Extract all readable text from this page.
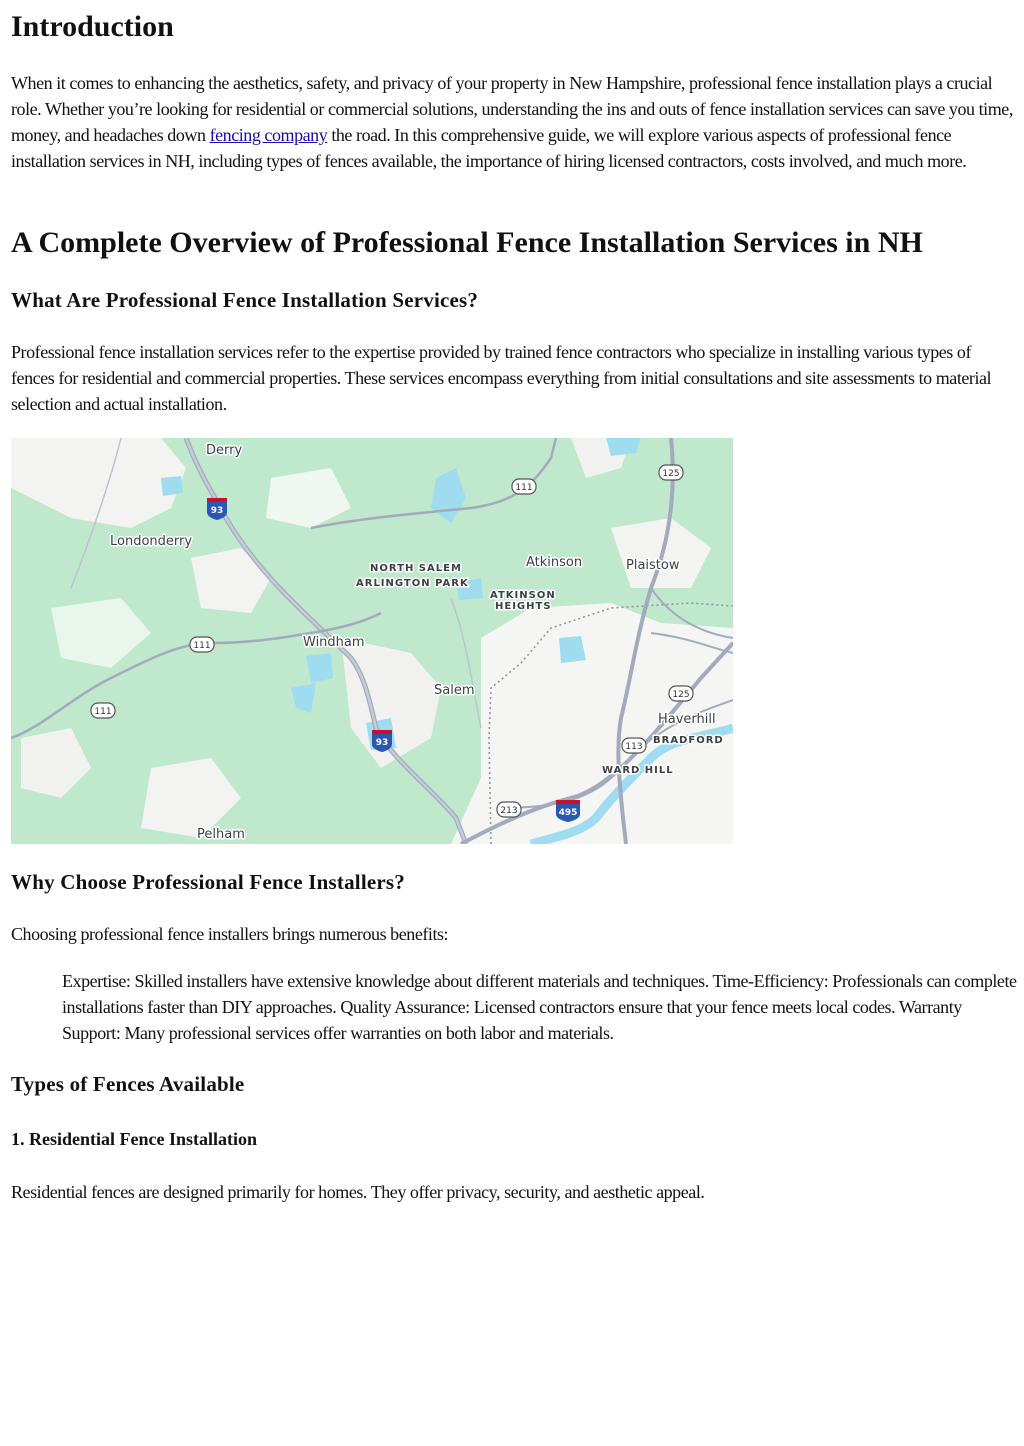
Introduction

When it comes to enhancing the aesthetics, safety, and privacy of your property in New Hampshire, professional fence installation plays a crucial role. Whether you’re looking for residential or commercial solutions, understanding the ins and outs of fence installation services can save you time, money, and headaches down fencing company the road. In this comprehensive guide, we will explore various aspects of professional fence installation services in NH, including types of fences available, the importance of hiring licensed contractors, costs involved, and much more.

A Complete Overview of Professional Fence Installation Services in NH
What Are Professional Fence Installation Services?

Professional fence installation services refer to the expertise provided by trained fence contractors who specialize in installing various types of fences for residential and commercial properties. These services encompass everything from initial consultations and site assessments to material selection and actual installation.

93
93
495
111
111
111
125
125
113
213
Derry
Londonderry
NORTH SALEM
ARLINGTON PARK
Atkinson
ATKINSON
HEIGHTS
Plaistow
Windham
Salem
Haverhill
BRADFORD
WARD HILL
Pelham
Why Choose Professional Fence Installers?

Choosing professional fence installers brings numerous benefits:

Expertise: Skilled installers have extensive knowledge about different materials and techniques. Time-Efficiency: Professionals can complete installations faster than DIY approaches. Quality Assurance: Licensed contractors ensure that your fence meets local codes. Warranty Support: Many professional services offer warranties on both labor and materials.

Types of Fences Available
1. Residential Fence Installation

Residential fences are designed primarily for homes. They offer privacy, security, and aesthetic appeal.
